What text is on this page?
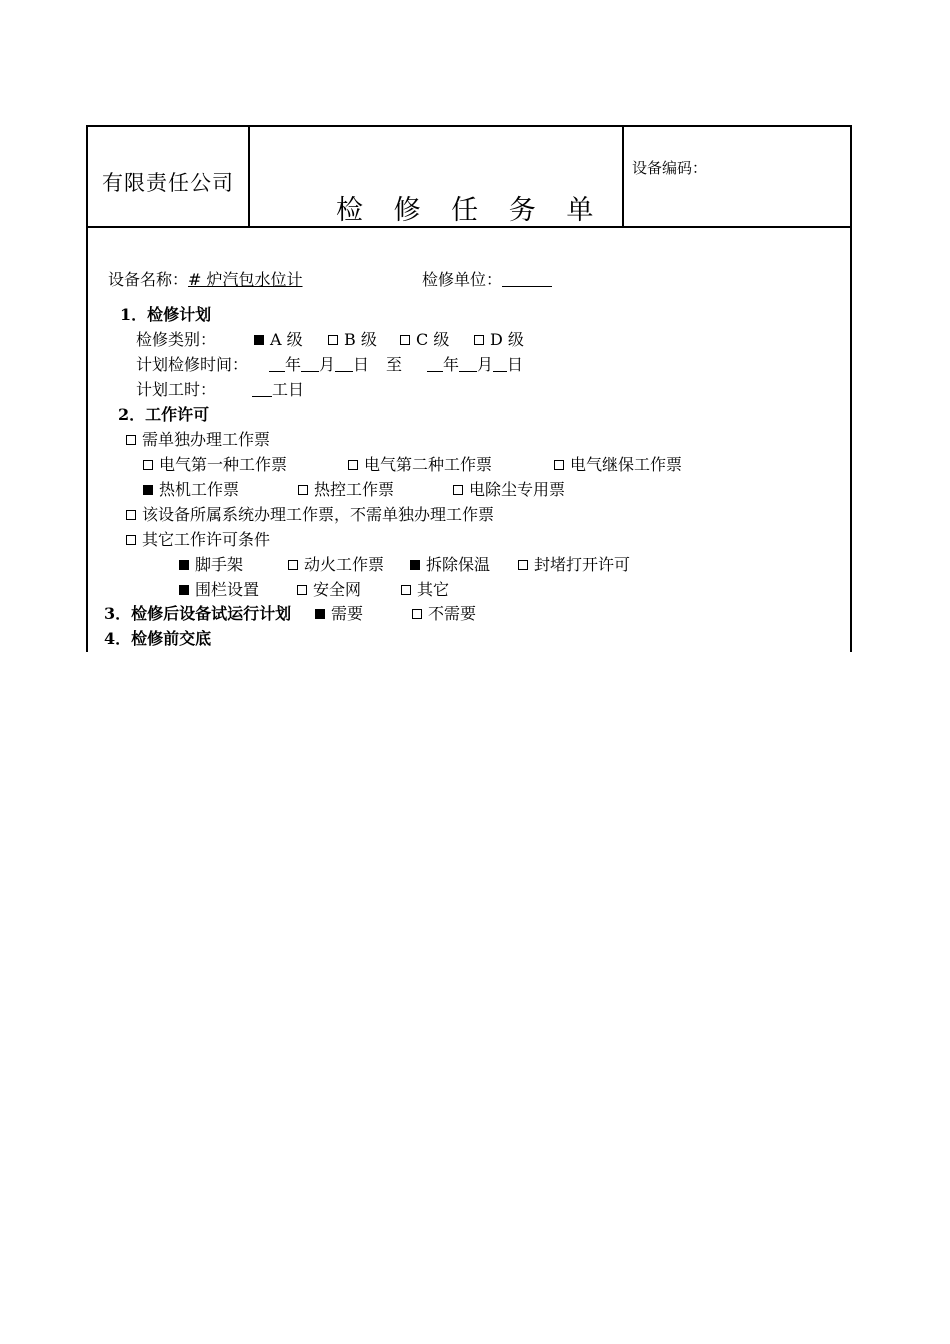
有限责任公司
检 修 任 务 单
设备编码：
设备名称：# 炉汽包水位计	检修单位：
1．检修计划
检修类别：	A 级	B 级	C 级	D 级
计划检修时间：	年 月 日 至	年 月 日
计划工时：	工日
2．工作许可
需单独办理工作票
电气第一种工作票	电气第二种工作票	电气继保工作票
热机工作票	热控工作票	电除尘专用票
该设备所属系统办理工作票，不需单独办理工作票
其它工作许可条件
脚手架	动火工作票	拆除保温	封堵打开许可
围栏设置	安全网	其它
3．检修后设备试运行计划	需要	不需要
4．检修前交底
